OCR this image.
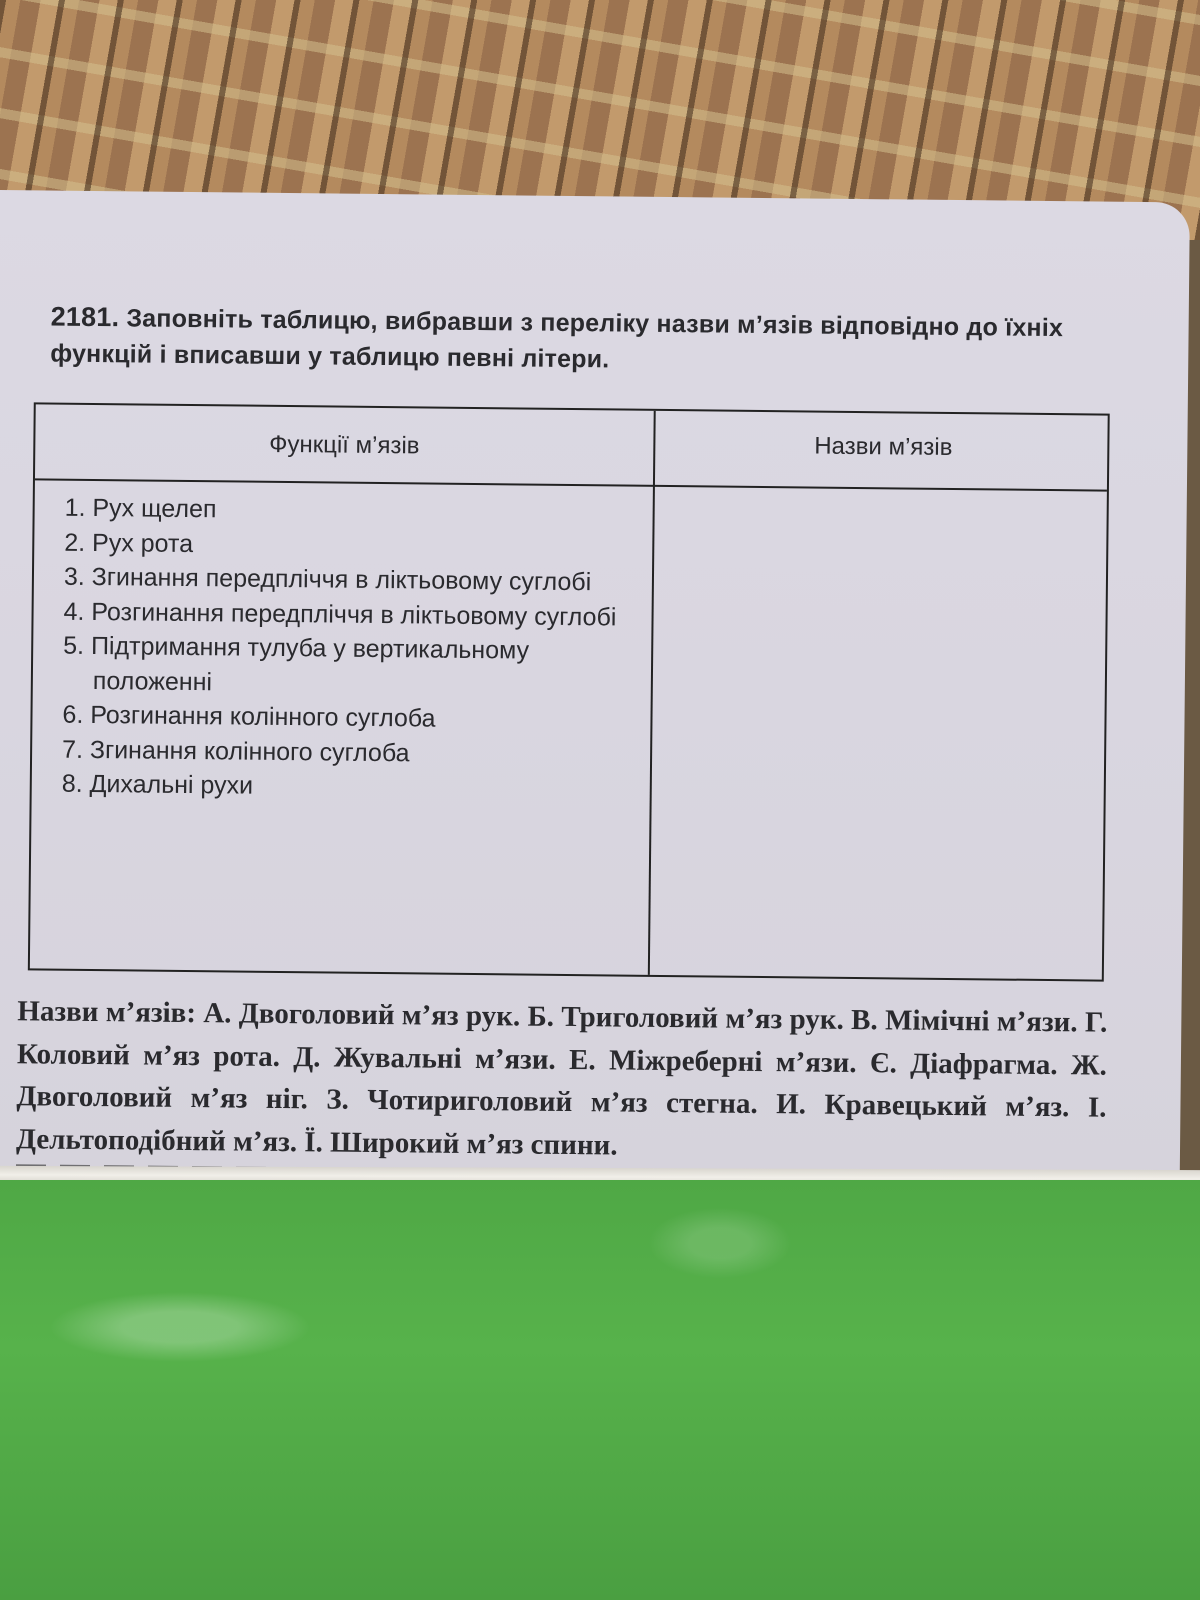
2181. Заповніть таблицю, вибравши з переліку назви м’язів відповідно до їхніх функцій і вписавши у таблицю певні літери.
Функції м’язів	Назви м’язів
1. Рух щелеп
2. Рух рота
3. Згинання передпліччя в ліктьовому суглобі
4. Розгинання передпліччя в ліктьовому суглобі
5. Підтримання тулуба у вертикальному положенні
6. Розгинання колінного суглоба
7. Згинання колінного суглоба
8. Дихальні рухи
Назви м’язів: А. Двоголовий м’яз рук. Б. Триголовий м’яз рук. В. Мімічні м’язи. Г. Коловий м’яз рота. Д. Жувальні м’язи. Е. Міжреберні м’язи. Є. Діафрагма. Ж. Двоголовий м’яз ніг. З. Чотириголовий м’яз стегна. И. Кравецький м’яз. І. Дельтоподібний м’яз. Ї. Широкий м’яз спини.
